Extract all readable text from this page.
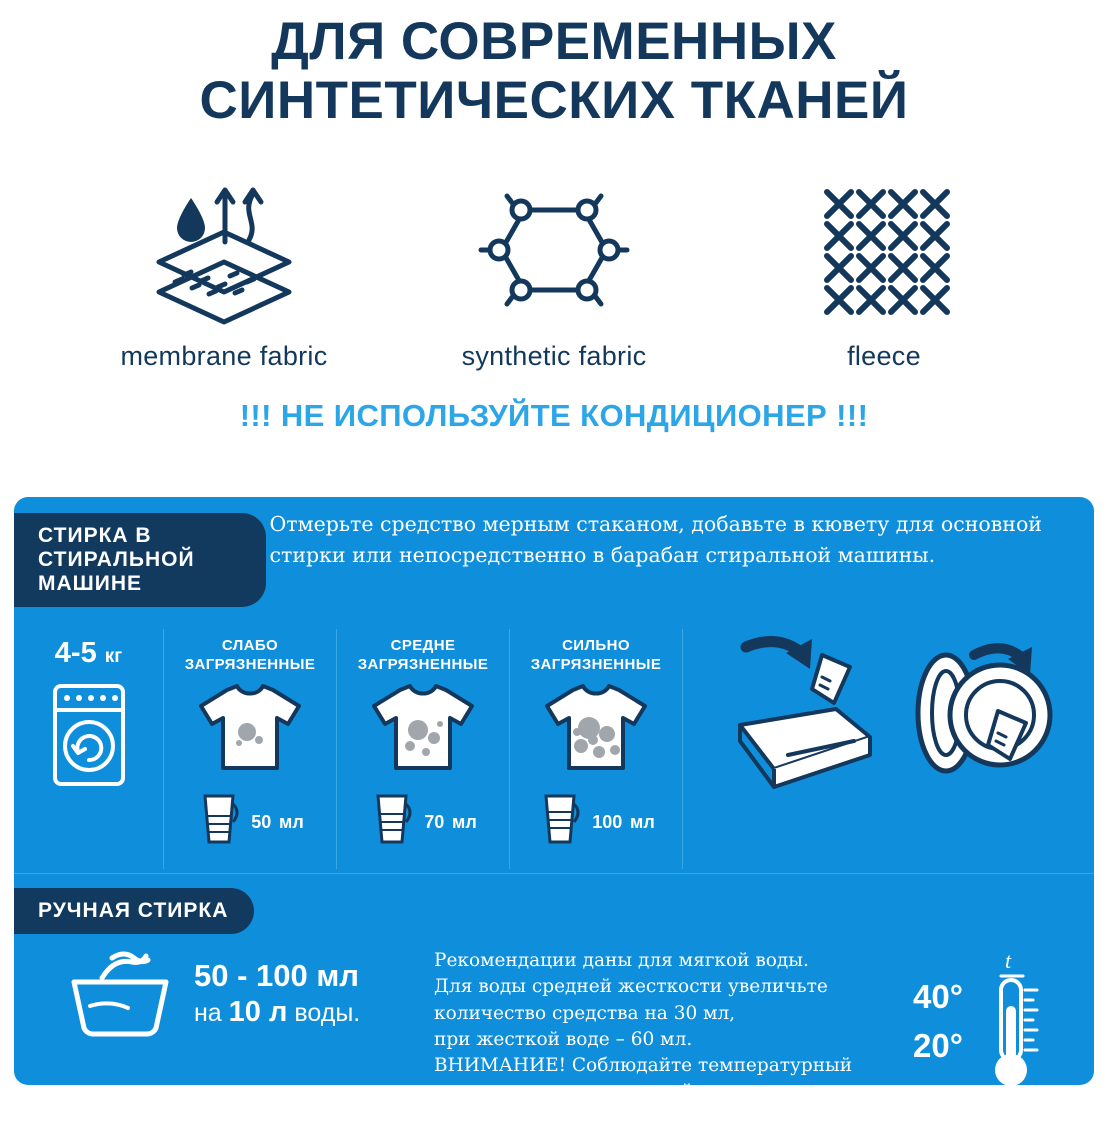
ДЛЯ СОВРЕМЕННЫХ
СИНТЕТИЧЕСКИХ ТКАНЕЙ
membrane fabric	synthetic fabric	fleece
!!! НЕ ИСПОЛЬЗУЙТЕ КОНДИЦИОНЕР !!!
СТИРКА В СТИРАЛЬНОЙ МАШИНЕ
Отмерьте средство мерным стаканом, добавьте в кювету для основной стирки или непосредственно в барабан стиральной машины.
4-5 кг
СЛАБО
ЗАГРЯЗНЕННЫЕ
50 мл
СРЕДНЕ
ЗАГРЯЗНЕННЫЕ
70 мл
СИЛЬНО
ЗАГРЯЗНЕННЫЕ
100 мл
РУЧНАЯ СТИРКА
50 - 100 мл
на 10 л воды.
Рекомендации даны для мягкой воды.
Для воды средней жесткости увеличьте
количество средства на 30 мл,
при жесткой воде – 60 мл.
ВНИМАНИЕ! Соблюдайте температурный
режим стирки, указанный на ярлычках изделия.
40°
20°
t
